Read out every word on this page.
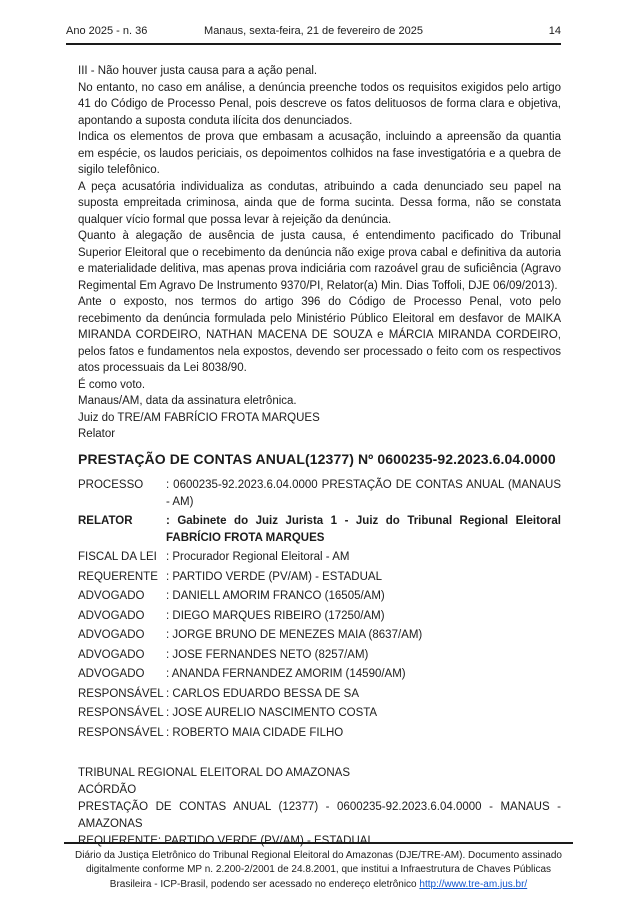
Ano 2025 - n. 36	Manaus, sexta-feira, 21 de fevereiro de 2025	14

III - Não houver justa causa para a ação penal.

No entanto, no caso em análise, a denúncia preenche todos os requisitos exigidos pelo artigo 41 do Código de Processo Penal, pois descreve os fatos delituosos de forma clara e objetiva, apontando a suposta conduta ilícita dos denunciados.

Indica os elementos de prova que embasam a acusação, incluindo a apreensão da quantia em espécie, os laudos periciais, os depoimentos colhidos na fase investigatória e a quebra de sigilo telefônico.

A peça acusatória individualiza as condutas, atribuindo a cada denunciado seu papel na suposta empreitada criminosa, ainda que de forma sucinta. Dessa forma, não se constata qualquer vício formal que possa levar à rejeição da denúncia.

Quanto à alegação de ausência de justa causa, é entendimento pacificado do Tribunal Superior Eleitoral que o recebimento da denúncia não exige prova cabal e definitiva da autoria e materialidade delitiva, mas apenas prova indiciária com razoável grau de suficiência (Agravo Regimental Em Agravo De Instrumento 9370/PI, Relator(a) Min. Dias Toffoli, DJE 06/09/2013).

Ante o exposto, nos termos do artigo 396 do Código de Processo Penal, voto pelo recebimento da denúncia formulada pelo Ministério Público Eleitoral em desfavor de MAIKA MIRANDA CORDEIRO, NATHAN MACENA DE SOUZA e MÁRCIA MIRANDA CORDEIRO, pelos fatos e fundamentos nela expostos, devendo ser processado o feito com os respectivos atos processuais da Lei 8038/90.

É como voto.

Manaus/AM, data da assinatura eletrônica.

Juiz do TRE/AM FABRÍCIO FROTA MARQUES

Relator

PRESTAÇÃO DE CONTAS ANUAL(12377) Nº 0600235-92.2023.6.04.0000
PROCESSO	: 0600235-92.2023.6.04.0000 PRESTAÇÃO DE CONTAS ANUAL (MANAUS - AM)
RELATOR	: Gabinete do Juiz Jurista 1 - Juiz do Tribunal Regional Eleitoral FABRÍCIO FROTA MARQUES
FISCAL DA LEI : Procurador Regional Eleitoral - AM
REQUERENTE : PARTIDO VERDE (PV/AM) - ESTADUAL
ADVOGADO	: DANIELL AMORIM FRANCO (16505/AM)
ADVOGADO	: DIEGO MARQUES RIBEIRO (17250/AM)
ADVOGADO	: JORGE BRUNO DE MENEZES MAIA (8637/AM)
ADVOGADO	: JOSE FERNANDES NETO (8257/AM)
ADVOGADO	: ANANDA FERNANDEZ AMORIM (14590/AM)
RESPONSÁVEL : CARLOS EDUARDO BESSA DE SA
RESPONSÁVEL : JOSE AURELIO NASCIMENTO COSTA
RESPONSÁVEL : ROBERTO MAIA CIDADE FILHO

TRIBUNAL REGIONAL ELEITORAL DO AMAZONAS

ACÓRDÃO

PRESTAÇÃO DE CONTAS ANUAL (12377) - 0600235-92.2023.6.04.0000 - MANAUS - AMAZONAS

REQUERENTE: PARTIDO VERDE (PV/AM) - ESTADUAL

Diário da Justiça Eletrônico do Tribunal Regional Eleitoral do Amazonas (DJE/TRE-AM). Documento assinado digitalmente conforme MP n. 2.200-2/2001 de 24.8.2001, que institui a Infraestrutura de Chaves Públicas Brasileira - ICP-Brasil, podendo ser acessado no endereço eletrônico http://www.tre-am.jus.br/
